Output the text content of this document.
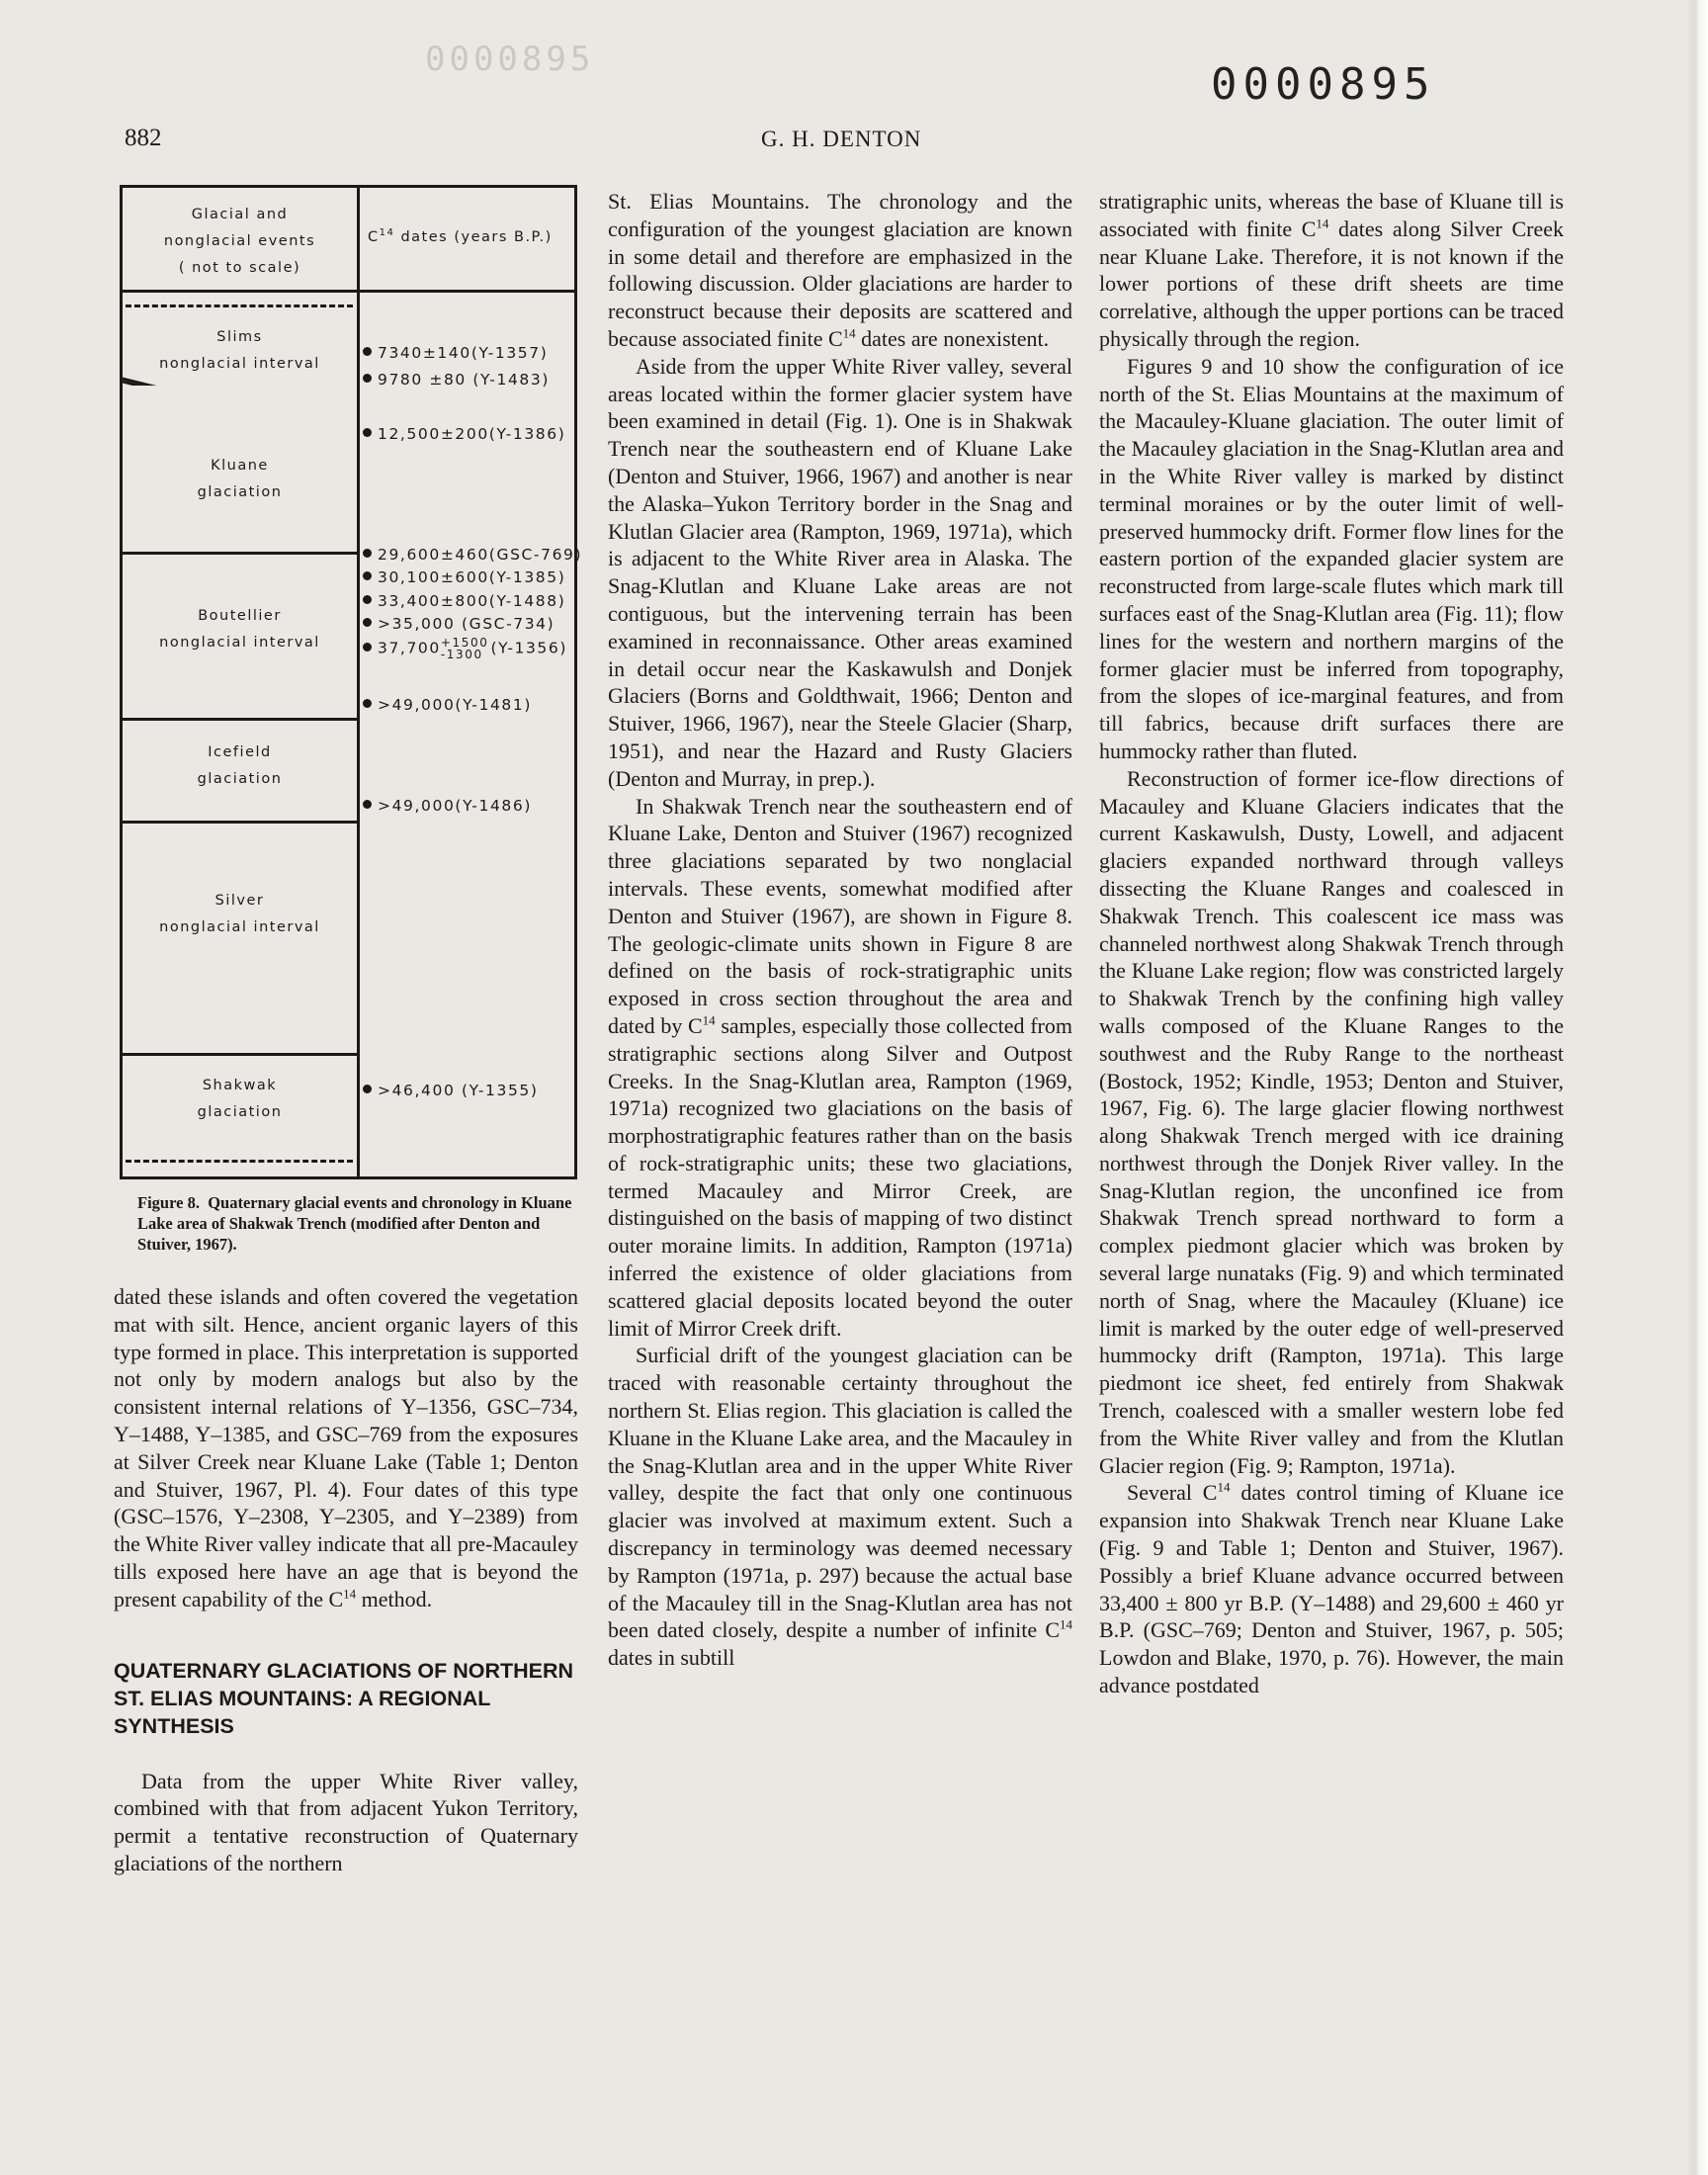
0000895	0000895
882	G. H. DENTON
Glacial and
nonglacial events
( not to scale)
$C^{14}$ dates (years B.P.)
Slims
nonglacial interval
Kluane
glaciation
Boutellier
nonglacial interval
Icefield
glaciation
Silver
nonglacial interval
Shakwak
glaciation
7340±140(Y-1357)
9780 ±80 (Y-1483)
12,500±200(Y-1386)
29,600±460(GSC-769)
30,100±600(Y-1385)
33,400±800(Y-1488)
>35,000 (GSC-734)
37,700 +1500
-1300 (Y-1356)
>49,000(Y-1481)
>49,000(Y-1486)
>46,400 (Y-1355)
Figure 8. Quaternary glacial events and chronology in Kluane Lake area of Shakwak Trench (modified after Denton and Stuiver, 1967).

dated these islands and often covered the vegetation mat with silt. Hence, ancient organic layers of this type formed in place. This interpretation is supported not only by modern analogs but also by the consistent internal relations of Y–1356, GSC–734, Y–1488, Y–1385, and GSC–769 from the exposures at Silver Creek near Kluane Lake (Table 1; Denton and Stuiver, 1967, Pl. 4). Four dates of this type (GSC–1576, Y–2308, Y–2305, and Y–2389) from the White River valley indicate that all pre-Macauley tills exposed here have an age that is beyond the present capability of the $C^{14}$ method.

QUATERNARY GLACIATIONS OF NORTHERN ST. ELIAS MOUNTAINS: A REGIONAL SYNTHESIS

Data from the upper White River valley, combined with that from adjacent Yukon Territory, permit a tentative reconstruction of Quaternary glaciations of the northern

St. Elias Mountains. The chronology and the configuration of the youngest glaciation are known in some detail and therefore are emphasized in the following discussion. Older glaciations are harder to reconstruct because their deposits are scattered and because associated finite $C^{14}$ dates are nonexistent.

Aside from the upper White River valley, several areas located within the former glacier system have been examined in detail (Fig. 1). One is in Shakwak Trench near the southeastern end of Kluane Lake (Denton and Stuiver, 1966, 1967) and another is near the Alaska–Yukon Territory border in the Snag and Klutlan Glacier area (Rampton, 1969, 1971a), which is adjacent to the White River area in Alaska. The Snag-Klutlan and Kluane Lake areas are not contiguous, but the intervening terrain has been examined in reconnaissance. Other areas examined in detail occur near the Kaskawulsh and Donjek Glaciers (Borns and Goldthwait, 1966; Denton and Stuiver, 1966, 1967), near the Steele Glacier (Sharp, 1951), and near the Hazard and Rusty Glaciers (Denton and Murray, in prep.).

In Shakwak Trench near the southeastern end of Kluane Lake, Denton and Stuiver (1967) recognized three glaciations separated by two nonglacial intervals. These events, somewhat modified after Denton and Stuiver (1967), are shown in Figure 8. The geologic-climate units shown in Figure 8 are defined on the basis of rock-stratigraphic units exposed in cross section throughout the area and dated by $C^{14}$ samples, especially those collected from stratigraphic sections along Silver and Outpost Creeks. In the Snag-Klutlan area, Rampton (1969, 1971a) recognized two glaciations on the basis of morphostratigraphic features rather than on the basis of rock-stratigraphic units; these two glaciations, termed Macauley and Mirror Creek, are distinguished on the basis of mapping of two distinct outer moraine limits. In addition, Rampton (1971a) inferred the existence of older glaciations from scattered glacial deposits located beyond the outer limit of Mirror Creek drift.

Surficial drift of the youngest glaciation can be traced with reasonable certainty throughout the northern St. Elias region. This glaciation is called the Kluane in the Kluane Lake area, and the Macauley in the Snag-Klutlan area and in the upper White River valley, despite the fact that only one continuous glacier was involved at maximum extent. Such a discrepancy in terminology was deemed necessary by Rampton (1971a, p. 297) because the actual base of the Macauley till in the Snag-Klutlan area has not been dated closely, despite a number of infinite $C^{14}$ dates in subtill

stratigraphic units, whereas the base of Kluane till is associated with finite $C^{14}$ dates along Silver Creek near Kluane Lake. Therefore, it is not known if the lower portions of these drift sheets are time correlative, although the upper portions can be traced physically through the region.

Figures 9 and 10 show the configuration of ice north of the St. Elias Mountains at the maximum of the Macauley-Kluane glaciation. The outer limit of the Macauley glaciation in the Snag-Klutlan area and in the White River valley is marked by distinct terminal moraines or by the outer limit of well-preserved hummocky drift. Former flow lines for the eastern portion of the expanded glacier system are reconstructed from large-scale flutes which mark till surfaces east of the Snag-Klutlan area (Fig. 11); flow lines for the western and northern margins of the former glacier must be inferred from topography, from the slopes of ice-marginal features, and from till fabrics, because drift surfaces there are hummocky rather than fluted.

Reconstruction of former ice-flow directions of Macauley and Kluane Glaciers indicates that the current Kaskawulsh, Dusty, Lowell, and adjacent glaciers expanded northward through valleys dissecting the Kluane Ranges and coalesced in Shakwak Trench. This coalescent ice mass was channeled northwest along Shakwak Trench through the Kluane Lake region; flow was constricted largely to Shakwak Trench by the confining high valley walls composed of the Kluane Ranges to the southwest and the Ruby Range to the northeast (Bostock, 1952; Kindle, 1953; Denton and Stuiver, 1967, Fig. 6). The large glacier flowing northwest along Shakwak Trench merged with ice draining northwest through the Donjek River valley. In the Snag-Klutlan region, the unconfined ice from Shakwak Trench spread northward to form a complex piedmont glacier which was broken by several large nunataks (Fig. 9) and which terminated north of Snag, where the Macauley (Kluane) ice limit is marked by the outer edge of well-preserved hummocky drift (Rampton, 1971a). This large piedmont ice sheet, fed entirely from Shakwak Trench, coalesced with a smaller western lobe fed from the White River valley and from the Klutlan Glacier region (Fig. 9; Rampton, 1971a).

Several $C^{14}$ dates control timing of Kluane ice expansion into Shakwak Trench near Kluane Lake (Fig. 9 and Table 1; Denton and Stuiver, 1967). Possibly a brief Kluane advance occurred between 33,400 ± 800 yr B.P. (Y–1488) and 29,600 ± 460 yr B.P. (GSC–769; Denton and Stuiver, 1967, p. 505; Lowdon and Blake, 1970, p. 76). However, the main advance postdated
